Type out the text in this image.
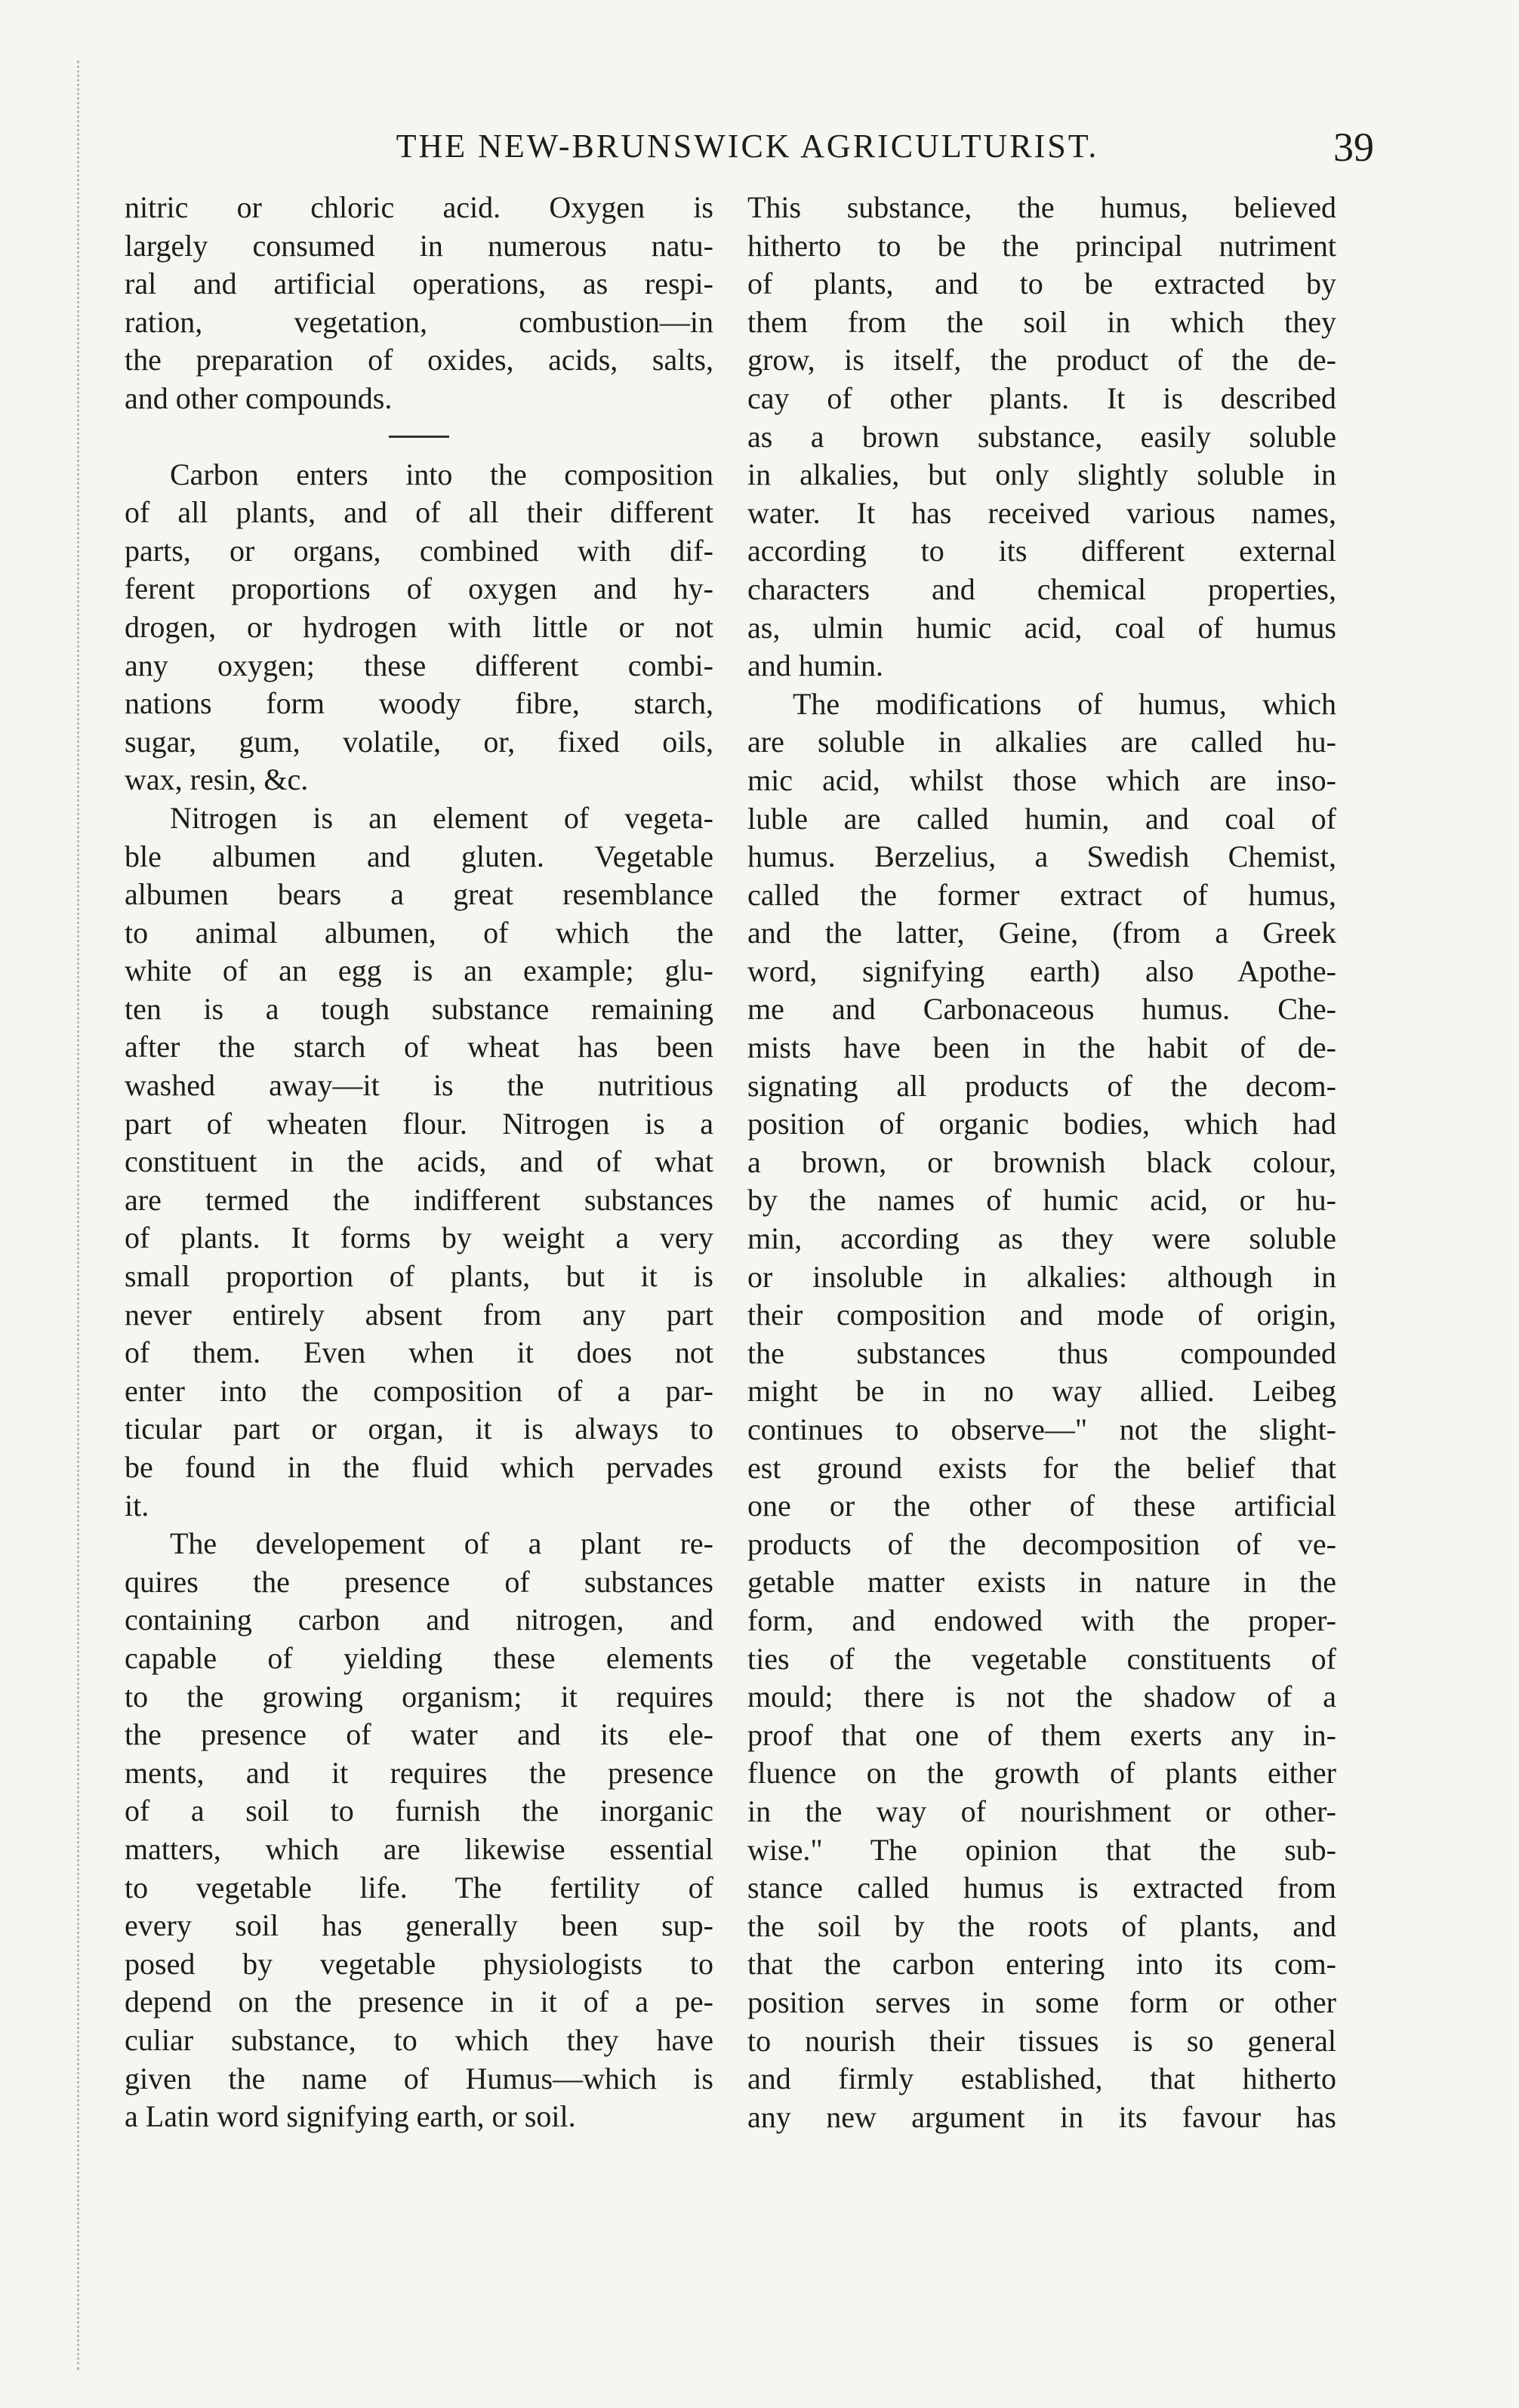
THE NEW-BRUNSWICK AGRICULTURIST.	39
nitric or chloric acid. Oxygen is
largely consumed in numerous natu-
ral and artificial operations, as respi-
ration, vegetation, combustion—in
the preparation of oxides, acids, salts,
and other compounds.
Carbon enters into the composition
of all plants, and of all their different
parts, or organs, combined with dif-
ferent proportions of oxygen and hy-
drogen, or hydrogen with little or not
any oxygen; these different combi-
nations form woody fibre, starch,
sugar, gum, volatile, or, fixed oils,
wax, resin, &c.
Nitrogen is an element of vegeta-
ble albumen and gluten. Vegetable
albumen bears a great resemblance
to animal albumen, of which the
white of an egg is an example; glu-
ten is a tough substance remaining
after the starch of wheat has been
washed away—it is the nutritious
part of wheaten flour. Nitrogen is a
constituent in the acids, and of what
are termed the indifferent substances
of plants. It forms by weight a very
small proportion of plants, but it is
never entirely absent from any part
of them. Even when it does not
enter into the composition of a par-
ticular part or organ, it is always to
be found in the fluid which pervades
it.
The developement of a plant re-
quires the presence of substances
containing carbon and nitrogen, and
capable of yielding these elements
to the growing organism; it requires
the presence of water and its ele-
ments, and it requires the presence
of a soil to furnish the inorganic
matters, which are likewise essential
to vegetable life. The fertility of
every soil has generally been sup-
posed by vegetable physiologists to
depend on the presence in it of a pe-
culiar substance, to which they have
given the name of Humus—which is
a Latin word signifying earth, or soil.
This substance, the humus, believed
hitherto to be the principal nutriment
of plants, and to be extracted by
them from the soil in which they
grow, is itself, the product of the de-
cay of other plants. It is described
as a brown substance, easily soluble
in alkalies, but only slightly soluble in
water. It has received various names,
according to its different external
characters and chemical properties,
as, ulmin humic acid, coal of humus
and humin.
The modifications of humus, which
are soluble in alkalies are called hu-
mic acid, whilst those which are inso-
luble are called humin, and coal of
humus. Berzelius, a Swedish Chemist,
called the former extract of humus,
and the latter, Geine, (from a Greek
word, signifying earth) also Apothe-
me and Carbonaceous humus. Che-
mists have been in the habit of de-
signating all products of the decom-
position of organic bodies, which had
a brown, or brownish black colour,
by the names of humic acid, or hu-
min, according as they were soluble
or insoluble in alkalies: although in
their composition and mode of origin,
the substances thus compounded
might be in no way allied. Leibeg
continues to observe—" not the slight-
est ground exists for the belief that
one or the other of these artificial
products of the decomposition of ve-
getable matter exists in nature in the
form, and endowed with the proper-
ties of the vegetable constituents of
mould; there is not the shadow of a
proof that one of them exerts any in-
fluence on the growth of plants either
in the way of nourishment or other-
wise." The opinion that the sub-
stance called humus is extracted from
the soil by the roots of plants, and
that the carbon entering into its com-
position serves in some form or other
to nourish their tissues is so general
and firmly established, that hitherto
any new argument in its favour has
